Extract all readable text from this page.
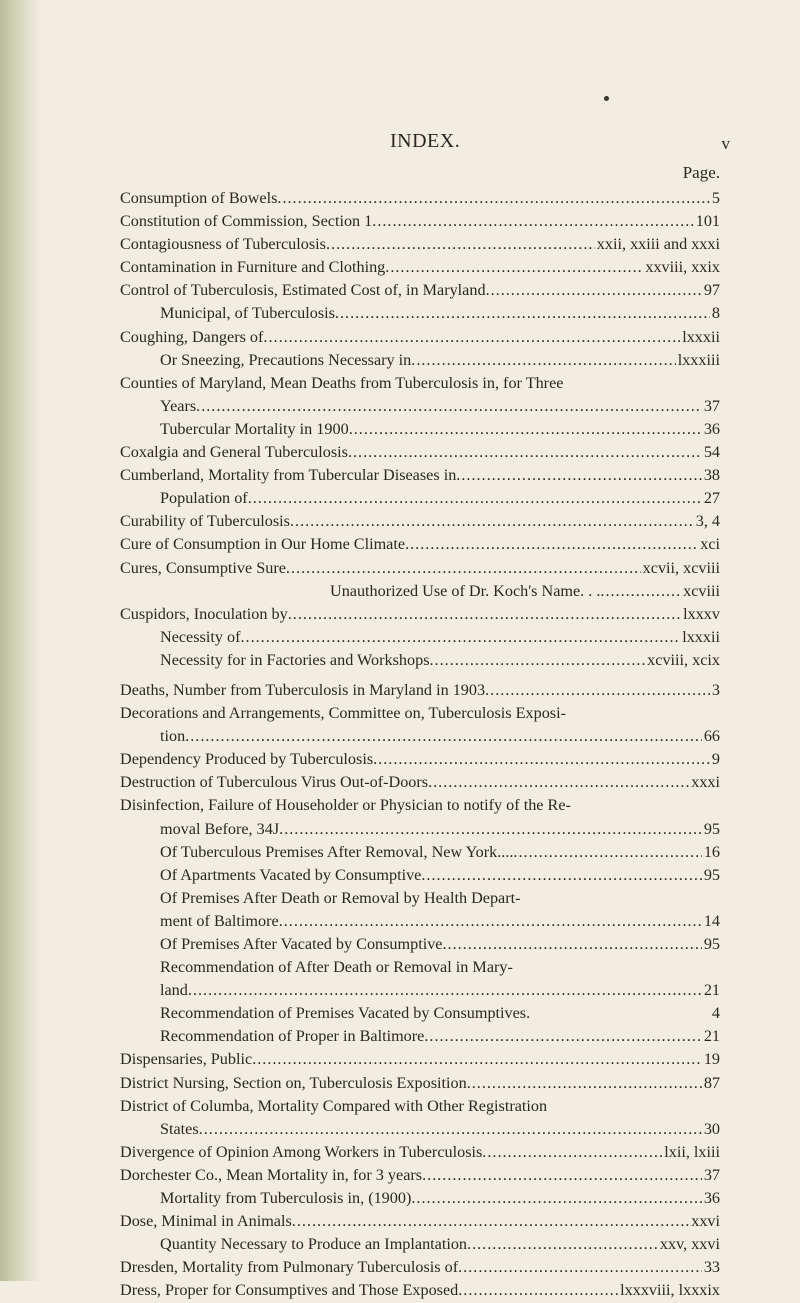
INDEX.	v
Page.
Consumption of Bowels .....	5
Constitution of Commission, Section 1 .....	101
Contagiousness of Tuberculosis .....	xxii, xxiii and xxxi
Contamination in Furniture and Clothing .....	xxviii, xxix
Control of Tuberculosis, Estimated Cost of, in Maryland .....	97
Municipal, of Tuberculosis .....	8
Coughing, Dangers of .....	lxxxii
Or Sneezing, Precautions Necessary in .....	lxxxiii
Counties of Maryland, Mean Deaths from Tuberculosis in, for Three
Years .....	37
Tubercular Mortality in 1900 .....	36
Coxalgia and General Tuberculosis .....	54
Cumberland, Mortality from Tubercular Diseases in .....	38
Population of .....	27
Curability of Tuberculosis .....	3, 4
Cure of Consumption in Our Home Climate .....	xci
Cures, Consumptive Sure .....	xcvii, xcviii
Unauthorized Use of Dr. Koch's Name. . . .....	xcviii
Cuspidors, Inoculation by .....	lxxxv
Necessity of .....	lxxxii
Necessity for in Factories and Workshops .....	xcviii, xcix
Deaths, Number from Tuberculosis in Maryland in 1903 .....	3
Decorations and Arrangements, Committee on, Tuberculosis Exposi-
tion .....	66
Dependency Produced by Tuberculosis .....	9
Destruction of Tuberculous Virus Out-of-Doors .....	xxxi
Disinfection, Failure of Householder or Physician to notify of the Re-
moval Before, 34J .....	95
Of Tuberculous Premises After Removal, New York.... .....	16
Of Apartments Vacated by Consumptive .....	95
Of Premises After Death or Removal by Health Depart-
ment of Baltimore .....	14
Of Premises After Vacated by Consumptive .....	95
Recommendation of After Death or Removal in Mary-
land .....	21
Recommendation of Premises Vacated by Consumptives.	4
Recommendation of Proper in Baltimore .....	21
Dispensaries, Public .....	19
District Nursing, Section on, Tuberculosis Exposition .....	87
District of Columba, Mortality Compared with Other Registration
States .....	30
Divergence of Opinion Among Workers in Tuberculosis .....	lxii, lxiii
Dorchester Co., Mean Mortality in, for 3 years .....	37
Mortality from Tuberculosis in, (1900) .....	36
Dose, Minimal in Animals .....	xxvi
Quantity Necessary to Produce an Implantation .....	xxv, xxvi
Dresden, Mortality from Pulmonary Tuberculosis of .....	33
Dress, Proper for Consumptives and Those Exposed .....	lxxxviii, lxxxix
